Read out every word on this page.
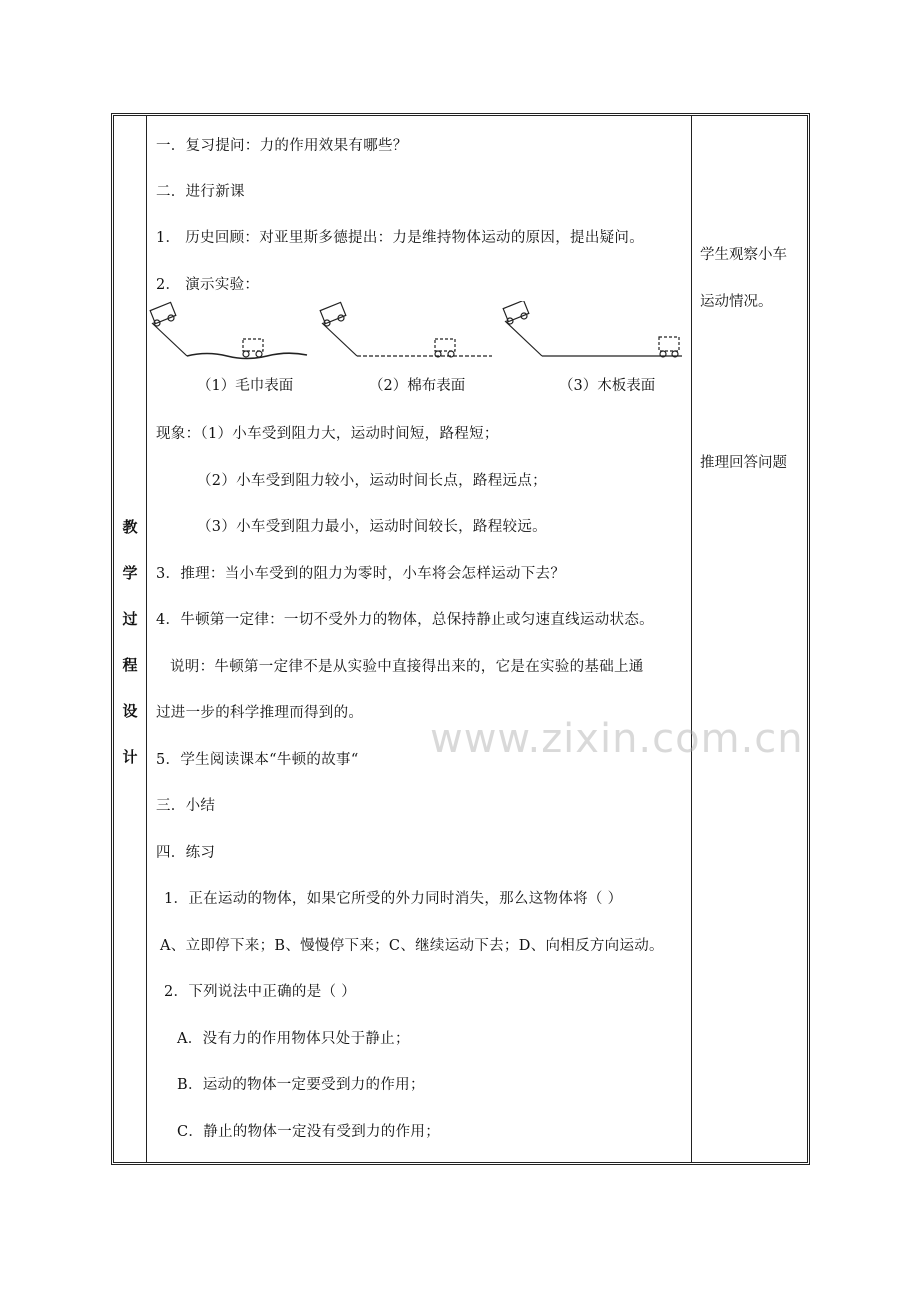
教
学
过
程
设
计
一．复习提问：力的作用效果有哪些？
二．进行新课
1． 历史回顾：对亚里斯多德提出：力是维持物体运动的原因，提出疑问。
2． 演示实验：
（1）毛巾表面	（2）棉布表面	（3）木板表面
现象：（1）小车受到阻力大，运动时间短，路程短；
（2）小车受到阻力较小，运动时间长点，路程远点；
（3）小车受到阻力最小，运动时间较长，路程较远。
3．推理：当小车受到的阻力为零时，小车将会怎样运动下去？
4．牛顿第一定律：一切不受外力的物体，总保持静止或匀速直线运动状态。
说明：牛顿第一定律不是从实验中直接得出来的，它是在实验的基础上通
过进一步的科学推理而得到的。
5．学生阅读课本“牛顿的故事“
三．小结
四．练习
1．正在运动的物体，如果它所受的外力同时消失，那么这物体将（ ）
A、立即停下来；B、慢慢停下来；C、继续运动下去；D、向相反方向运动。
2．下列说法中正确的是（ ）
A．没有力的作用物体只处于静止；
B．运动的物体一定要受到力的作用；
C．静止的物体一定没有受到力的作用；
www.zixin.com.cn
学生观察小车
运动情况。
推理回答问题
